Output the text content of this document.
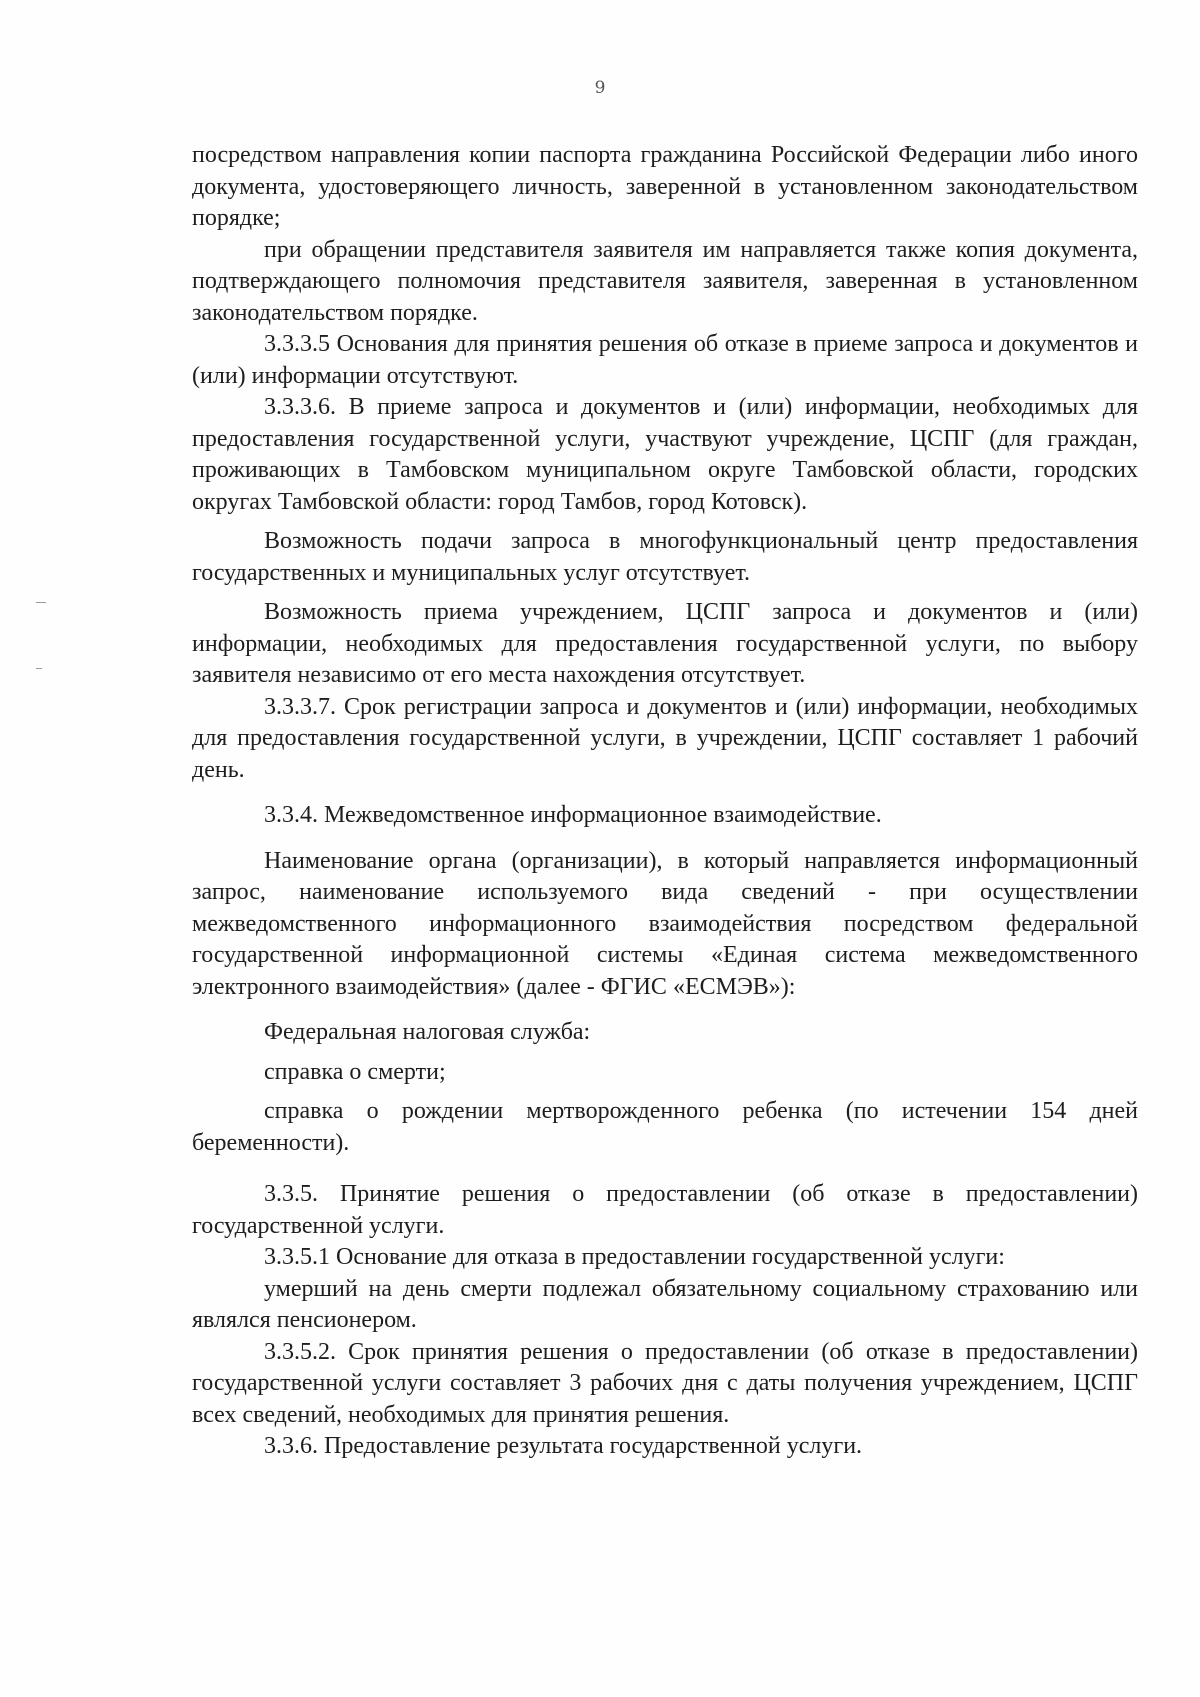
9

посредством направления копии паспорта гражданина Российской Федерации либо иного документа, удостоверяющего личность, заверенной в установленном законодательством порядке;

при обращении представителя заявителя им направляется также копия документа, подтверждающего полномочия представителя заявителя, заверенная в установленном законодательством порядке.

3.3.3.5 Основания для принятия решения об отказе в приеме запроса и документов и (или) информации отсутствуют.

3.3.3.6. В приеме запроса и документов и (или) информации, необходимых для предоставления государственной услуги, участвуют учреждение, ЦСПГ (для граждан, проживающих в Тамбовском муниципальном округе Тамбовской области, городских округах Тамбовской области: город Тамбов, город Котовск).

Возможность подачи запроса в многофункциональный центр предоставления государственных и муниципальных услуг отсутствует.

Возможность приема учреждением, ЦСПГ запроса и документов и (или) информации, необходимых для предоставления государственной услуги, по выбору заявителя независимо от его места нахождения отсутствует.

3.3.3.7. Срок регистрации запроса и документов и (или) информации, необходимых для предоставления государственной услуги, в учреждении, ЦСПГ составляет 1 рабочий день.

3.3.4. Межведомственное информационное взаимодействие.

Наименование органа (организации), в который направляется информационный запрос, наименование используемого вида сведений - при осуществлении межведомственного информационного взаимодействия посредством федеральной государственной информационной системы «Единая система межведомственного электронного взаимодействия» (далее - ФГИС «ЕСМЭВ»):

Федеральная налоговая служба:

справка о смерти;

справка о рождении мертворожденного ребенка (по истечении 154 дней беременности).

3.3.5. Принятие решения о предоставлении (об отказе в предоставлении) государственной услуги.

3.3.5.1 Основание для отказа в предоставлении государственной услуги:

умерший на день смерти подлежал обязательному социальному страхованию или являлся пенсионером.

3.3.5.2. Срок принятия решения о предоставлении (об отказе в предоставлении) государственной услуги составляет 3 рабочих дня с даты получения учреждением, ЦСПГ всех сведений, необходимых для принятия решения.

3.3.6. Предоставление результата государственной услуги.
